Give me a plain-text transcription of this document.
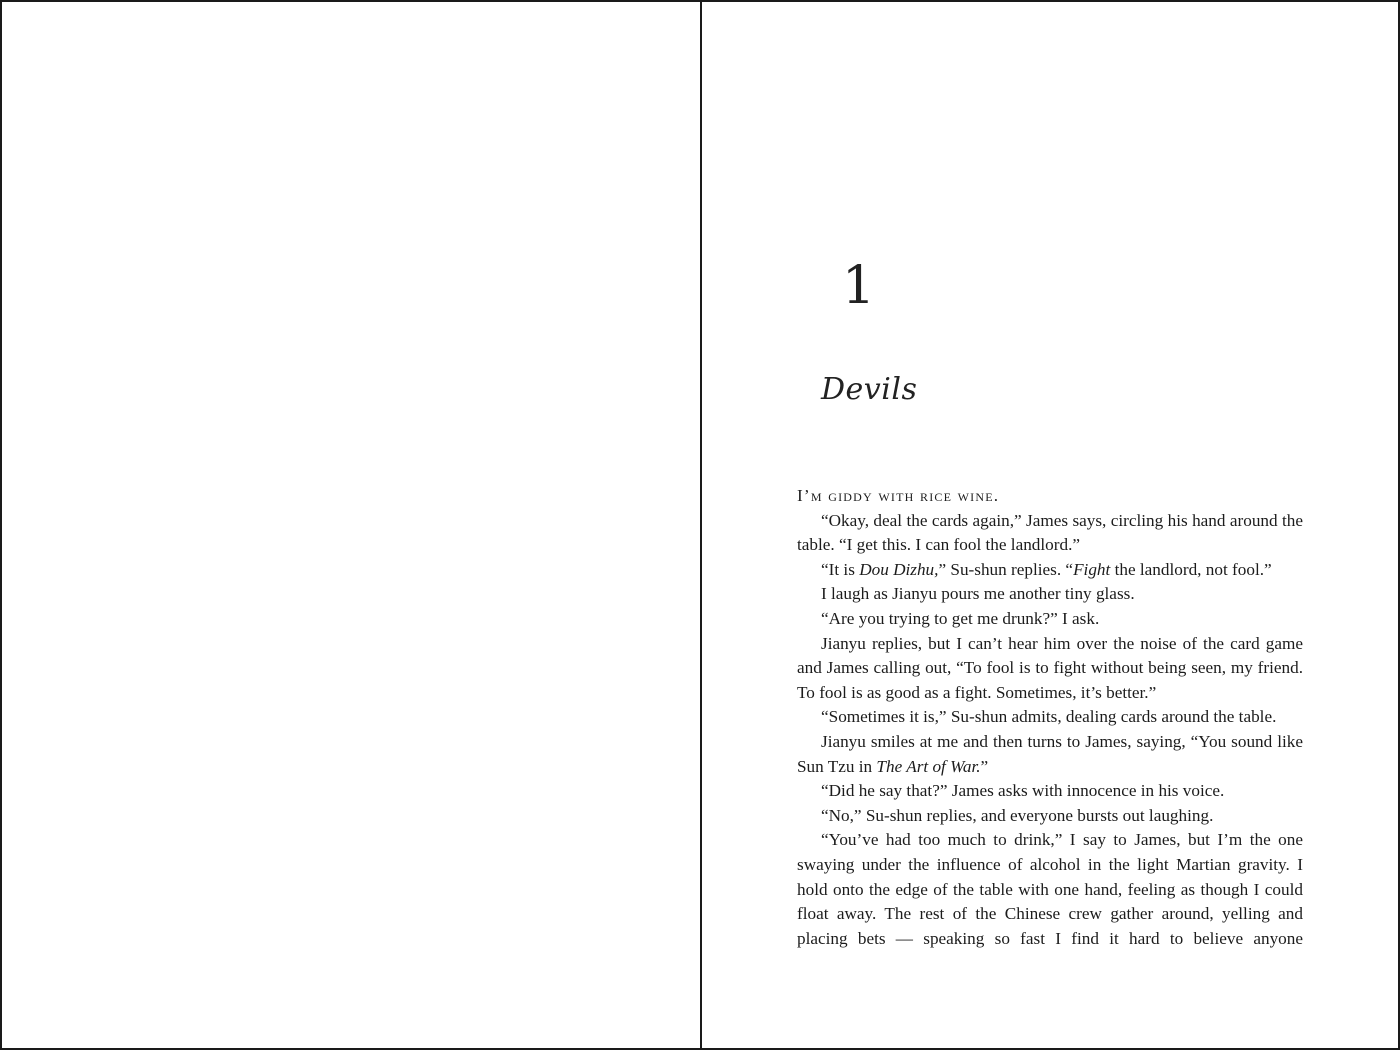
1
Devils

I’m giddy with rice wine.

“Okay, deal the cards again,” James says, circling his hand around the table. “I get this. I can fool the landlord.”

“It is Dou Dizhu,” Su-shun replies. “Fight the landlord, not fool.”

I laugh as Jianyu pours me another tiny glass.

“Are you trying to get me drunk?” I ask.

Jianyu replies, but I can’t hear him over the noise of the card game and James calling out, “To fool is to fight without being seen, my friend. To fool is as good as a fight. Sometimes, it’s better.”

“Sometimes it is,” Su-shun admits, dealing cards around the table.

Jianyu smiles at me and then turns to James, saying, “You sound like Sun Tzu in The Art of War.”

“Did he say that?” James asks with innocence in his voice.

“No,” Su-shun replies, and everyone bursts out laughing.

“You’ve had too much to drink,” I say to James, but I’m the one swaying under the influence of alcohol in the light Martian gravity. I hold onto the edge of the table with one hand, feeling as though I could float away. The rest of the Chinese crew gather around, yelling and placing bets — speaking so fast I find it hard to believe anyone
